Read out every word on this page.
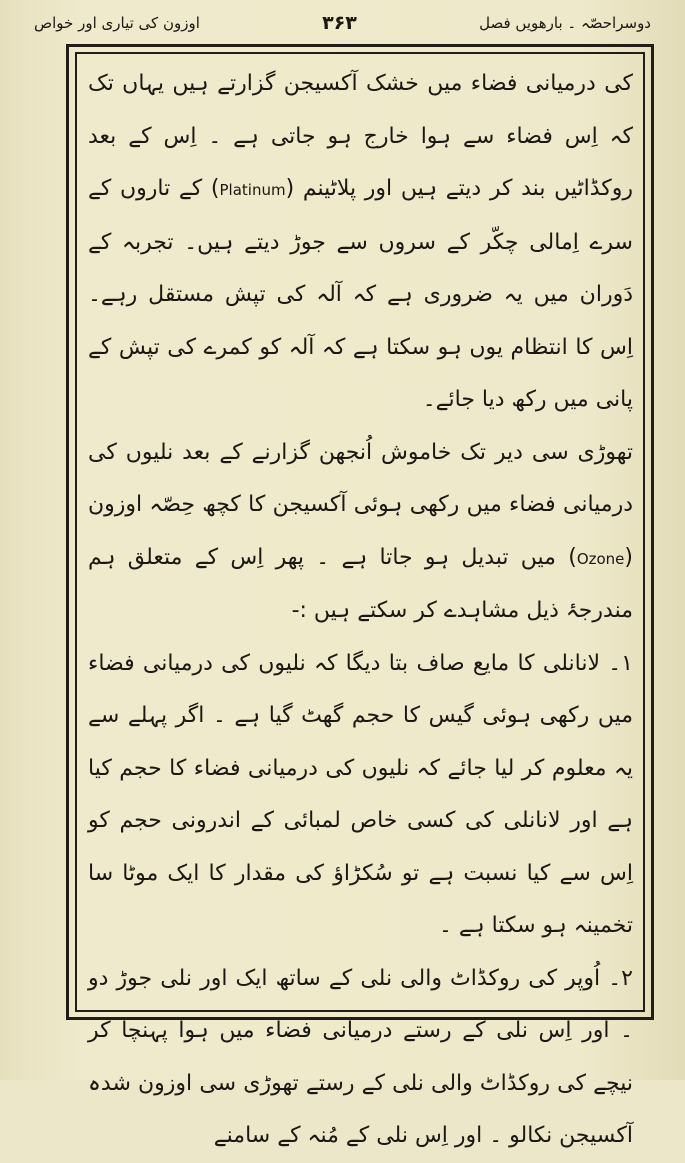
دوسراحصّہ ۔ بارھویں فصل
۳۶۳
اوزون کی تیاری اور خواص

کی درمیانی فضاء میں خشک آکسیجن گزارتے ہیں یہاں تک کہ اِس فضاء سے ہوا خارج ہو جاتی ہے ۔ اِس کے بعد روکڈاٹیں بند کر دیتے ہیں اور پلاٹینم (Platinum) کے تاروں کے سرے اِمالی چکّر کے سروں سے جوڑ دیتے ہیں۔ تجربہ کے دَوران میں یہ ضروری ہے کہ آلہ کی تپش مستقل رہے۔ اِس کا انتظام یوں ہو سکتا ہے کہ آلہ کو کمرے کی تپش کے پانی میں رکھ دیا جائے۔

تھوڑی سی دیر تک خاموش اُنجھن گزارنے کے بعد نلیوں کی درمیانی فضاء میں رکھی ہوئی آکسیجن کا کچھ حِصّہ اوزون (Ozone) میں تبدیل ہو جاتا ہے ۔ پھر اِس کے متعلق ہم مندرجۂ ذیل مشاہدے کر سکتے ہیں :-

۱۔ لانانلی کا مایع صاف بتا دیگا کہ نلیوں کی درمیانی فضاء میں رکھی ہوئی گیس کا حجم گھٹ گیا ہے ۔ اگر پہلے سے یہ معلوم کر لیا جائے کہ نلیوں کی درمیانی فضاء کا حجم کیا ہے اور لانانلی کی کسی خاص لمبائی کے اندرونی حجم کو اِس سے کیا نسبت ہے تو سُکڑاؤ کی مقدار کا ایک موٹا سا تخمینہ ہو سکتا ہے ۔

۲۔ اُوپر کی روکڈاٹ والی نلی کے ساتھ ایک اور نلی جوڑ دو ۔ اور اِس نلی کے رستے درمیانی فضاء میں ہوا پہنچا کر نیچے کی روکڈاٹ والی نلی کے رستے تھوڑی سی اوزون شدہ آکسیجن نکالو ۔ اور اِس نلی کے مُنہ کے سامنے
